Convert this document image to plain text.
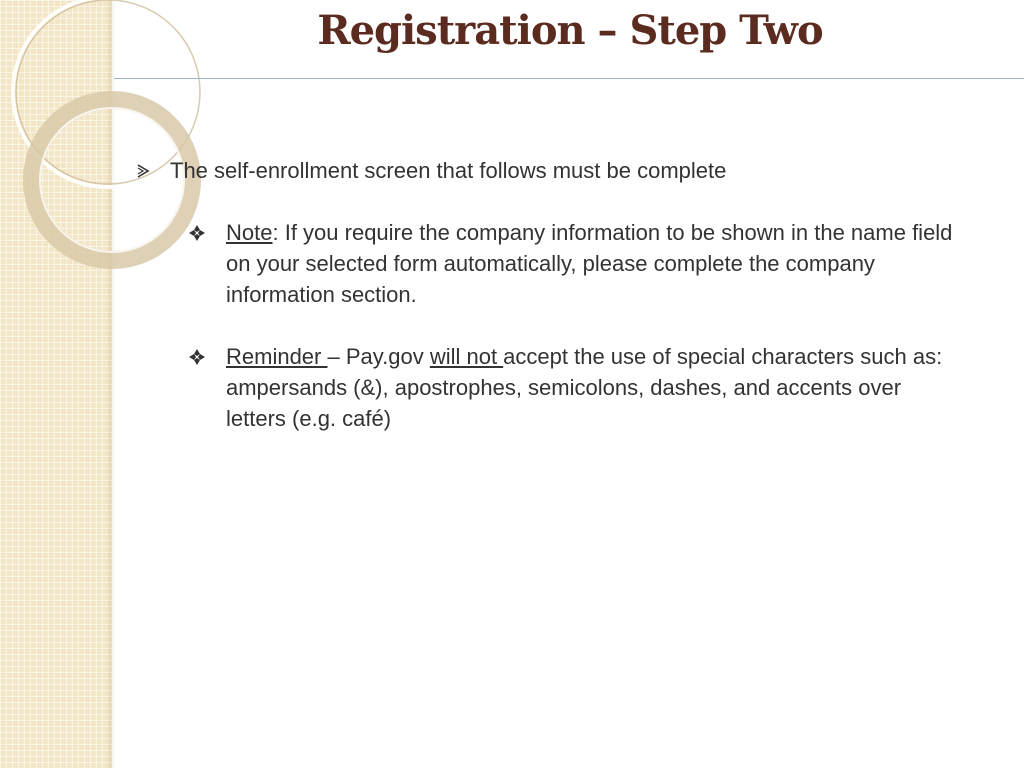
Registration – Step Two
The self-enrollment screen that follows must be complete
Note: If you require the company information to be shown in the name field on your selected form automatically, please complete the company information section.
Reminder – Pay.gov will not accept the use of special characters such as: ampersands (&), apostrophes, semicolons, dashes, and accents over letters (e.g. café)
